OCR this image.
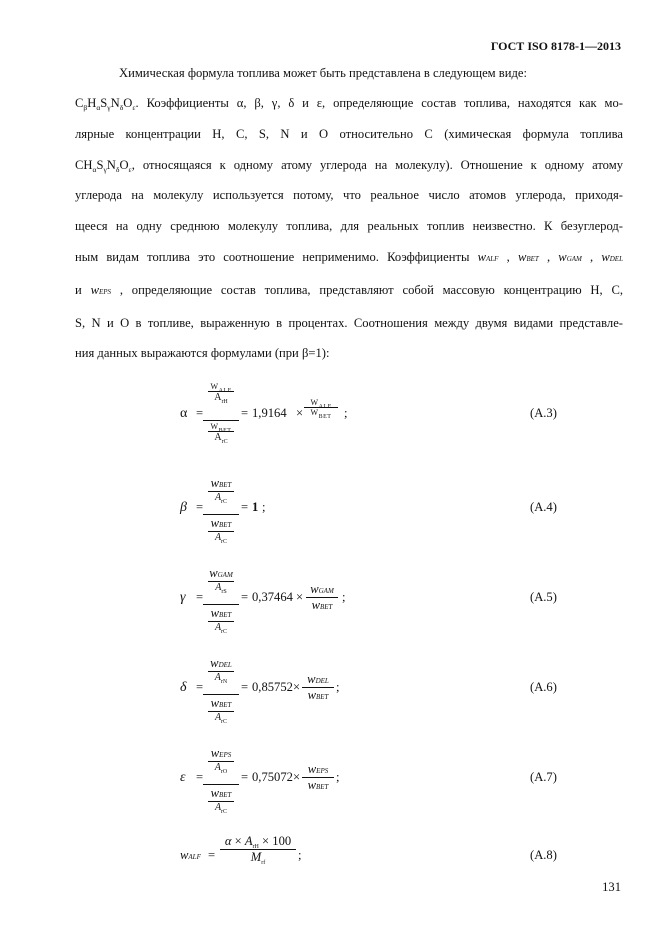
ГОСТ ISO 8178-1—2013
Химическая формула топлива может быть представлена в следующем виде:
$C_\beta H_\alpha S_\gamma N_\delta O_\varepsilon$. Коэффициенты α, β, γ, δ и ε, определяющие состав топлива, находятся как мо-
лярные концентрации H, C, S, N и O относительно C (химическая формула топлива
$CH_\alpha S_\gamma N_\delta O_\varepsilon$, относящаяся к одному атому углерода на молекулу). Отношение к одному атому
углерода на молекулу используется потому, что реальное число атомов углерода, приходя-
щееся на одну среднюю молекулу топлива, для реальных топлив неизвестно. К безуглерод-
ным видам топлива это соотношение неприменимо. Коэффициенты wALF , wBET , wGAM , wDEL
и wEPS , определяющие состав топлива, представляют собой массовую концентрацию H, C,
S, N и O в топливе, выраженную в процентах. Соотношения между двумя видами представле-
ния данных выражаются формулами (при β=1):
α =
$W_{ALF}$
$A_{rH}$
$W_{BET}$
$A_{rC}$
= 1,9164 ×
$W_{ALF}$
$W_{BET}$ ;	(A.3)
β =
wBET
$A_{rC}$
wBET
$A_{rC}$
= 1 ;	(A.4)
γ =
wGAM
$A_{rS}$
wBET
$A_{rC}$
= 0,37464 ×
wGAM
wBET
;	(A.5)
δ =
wDEL
$A_{rN}$
wBET
$A_{rC}$
= 0,85752 ×
wDEL
wBET
;	(A.6)
ε =
wEPS
$A_{rO}$
wBET
$A_{rC}$
= 0,75072 ×
wEPS
wBET
;	(A.7)
wALF =
$\alpha \times A_{rH} \times 100$
$M_{rf}$
;	(A.8)
131
